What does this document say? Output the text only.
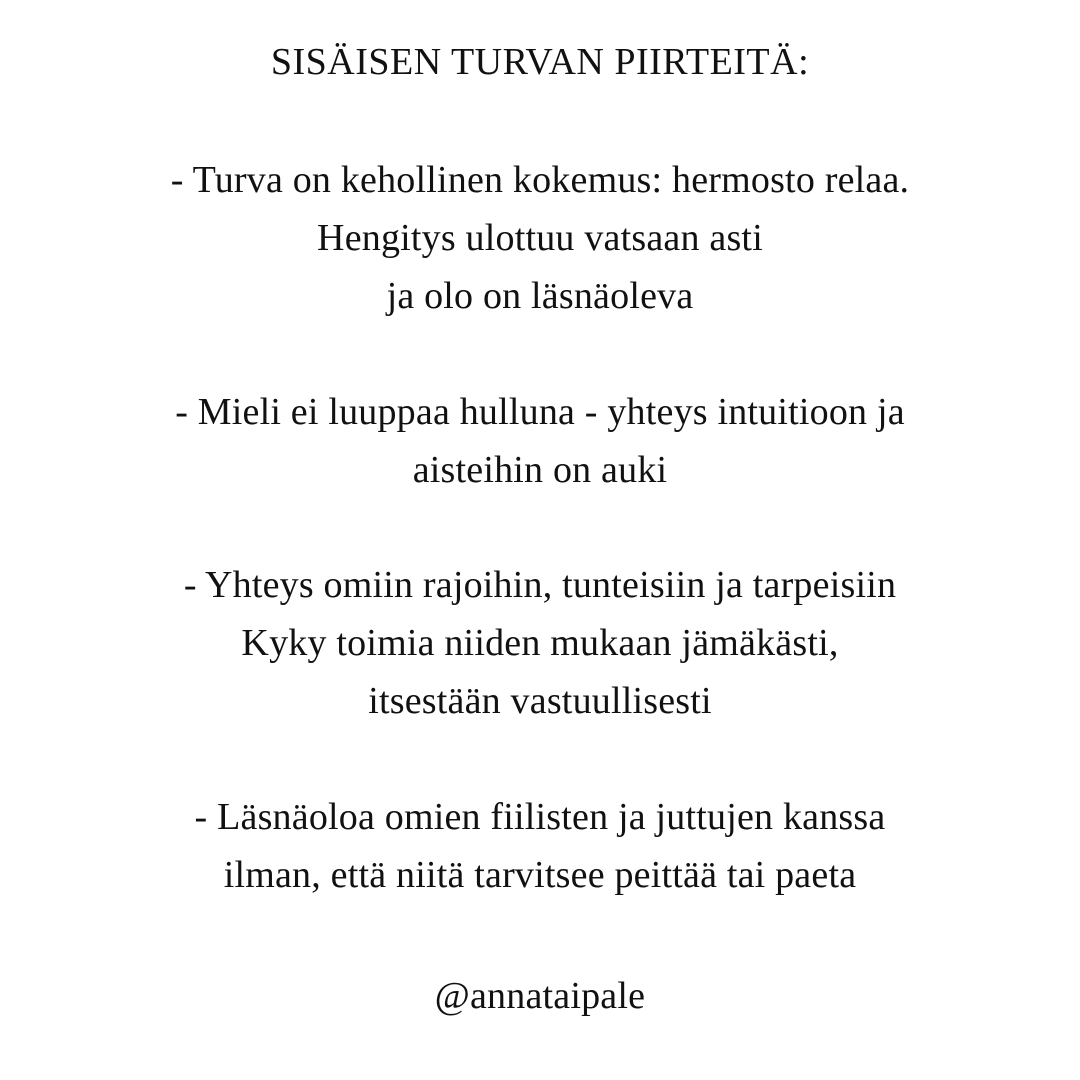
SISÄISEN TURVAN PIIRTEITÄ:
- Turva on kehollinen kokemus: hermosto relaa.
Hengitys ulottuu vatsaan asti
ja olo on läsnäoleva
- Mieli ei luuppaa hulluna - yhteys intuitioon ja
aisteihin on auki
- Yhteys omiin rajoihin, tunteisiin ja tarpeisiin
Kyky toimia niiden mukaan jämäkästi,
itsestään vastuullisesti
- Läsnäoloa omien fiilisten ja juttujen kanssa
ilman, että niitä tarvitsee peittää tai paeta
@annataipale
